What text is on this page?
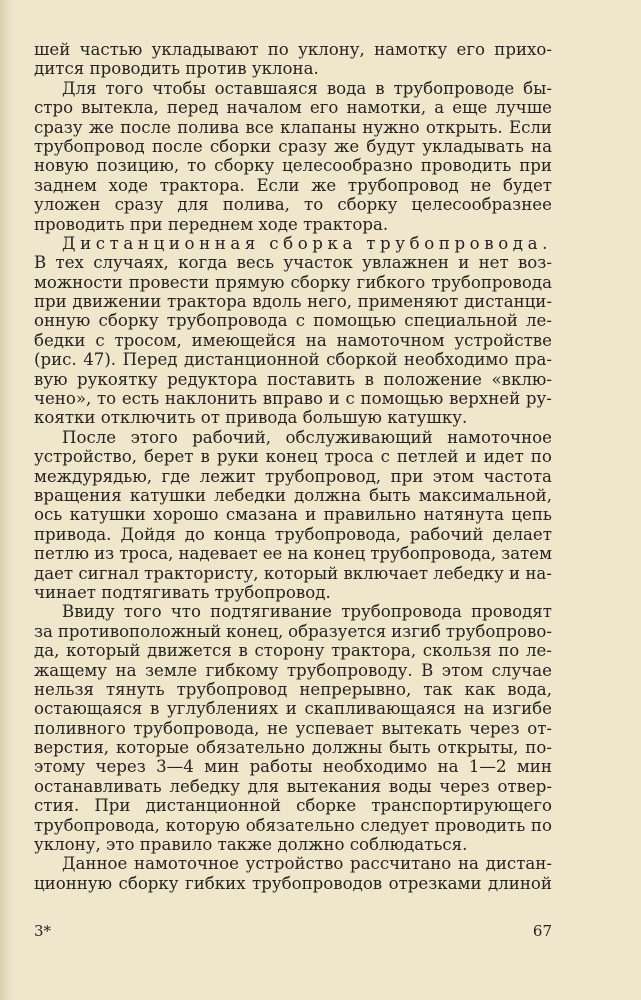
шей частью укладывают по уклону, намотку его прихо-
дится
проводить
против
уклона.
Для того чтобы оставшаяся вода в трубопроводе бы-
стро вытекла, перед началом его намотки, а еще лучше
сразу же после полива все клапаны нужно открыть. Если
трубопровод после сборки сразу же будут укладывать на
новую позицию, то сборку целесообразно проводить при
заднем ходе трактора. Если же трубопровод не будет
уложен сразу для полива, то сборку целесообразнее
проводить
при
переднем
ходе
трактора.
Дистанционная сборка трубопровода.
В тех случаях, когда весь участок увлажнен и нет воз-
можности провести прямую сборку гибкого трубопровода
при движении трактора вдоль него, применяют дистанци-
онную сборку трубопровода с помощью специальной ле-
бедки с тросом, имеющейся на намоточном устройстве
(рис. 47). Перед дистанционной сборкой необходимо пра-
вую рукоятку редуктора поставить в положение «вклю-
чено», то есть наклонить вправо и с помощью верхней ру-
коятки
отключить
от
привода
большую
катушку.
После этого рабочий, обслуживающий намоточное
устройство, берет в руки конец троса с петлей и идет по
междурядью, где лежит трубопровод, при этом частота
вращения катушки лебедки должна быть максимальной,
ось катушки хорошо смазана и правильно натянута цепь
привода. Дойдя до конца трубопровода, рабочий делает
петлю из троса, надевает ее на конец трубопровода, затем
дает сигнал трактористу, который включает лебедку и на-
чинает
подтягивать
трубопровод.
Ввиду того что подтягивание трубопровода проводят
за противоположный конец, образуется изгиб трубопрово-
да, который движется в сторону трактора, скользя по ле-
жащему на земле гибкому трубопроводу. В этом случае
нельзя тянуть трубопровод непрерывно, так как вода,
остающаяся в углублениях и скапливающаяся на изгибе
поливного трубопровода, не успевает вытекать через от-
верстия, которые обязательно должны быть открыты, по-
этому через 3—4 мин работы необходимо на 1—2 мин
останавливать лебедку для вытекания воды через отвер-
стия. При дистанционной сборке транспортирующего
трубопровода, которую обязательно следует проводить по
уклону,
это
правило
также
должно
соблюдаться.
Данное намоточное устройство рассчитано на дистан-
ционную сборку гибких трубопроводов отрезками длиной
3*	67
